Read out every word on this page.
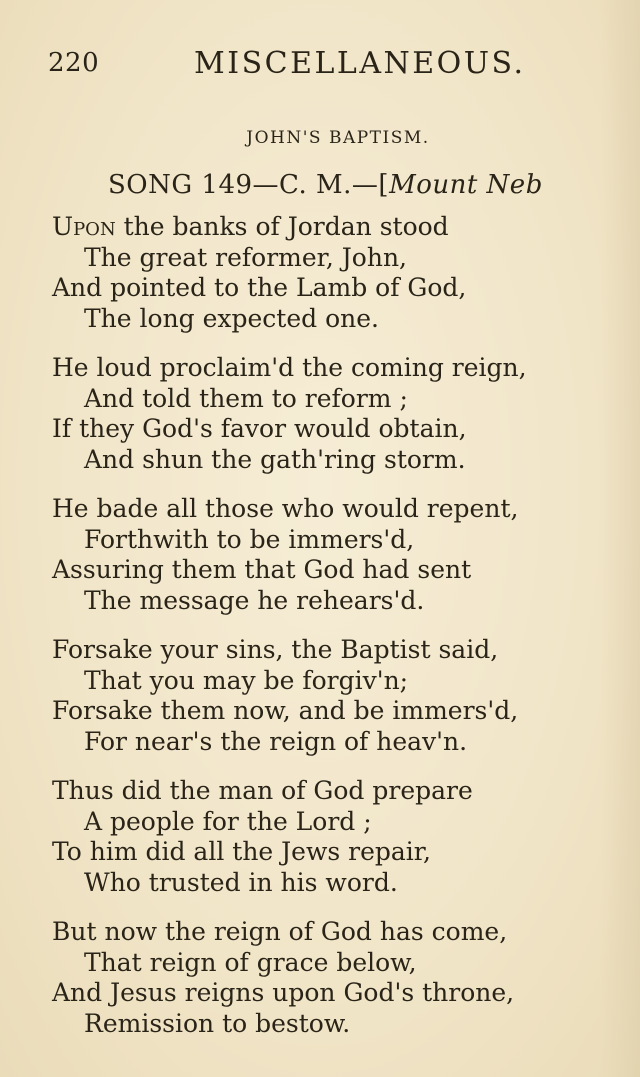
220	MISCELLANEOUS.
JOHN'S BAPTISM.
SONG 149—C. M.—[Mount Neb
Upon the banks of Jordan stood
The great reformer, John,
And pointed to the Lamb of God,
The long expected one.
He loud proclaim'd the coming reign,
And told them to reform ;
If they God's favor would obtain,
And shun the gath'ring storm.
He bade all those who would repent,
Forthwith to be immers'd,
Assuring them that God had sent
The message he rehears'd.
Forsake your sins, the Baptist said,
That you may be forgiv'n;
Forsake them now, and be immers'd,
For near's the reign of heav'n.
Thus did the man of God prepare
A people for the Lord ;
To him did all the Jews repair,
Who trusted in his word.
But now the reign of God has come,
That reign of grace below,
And Jesus reigns upon God's throne,
Remission to bestow.
